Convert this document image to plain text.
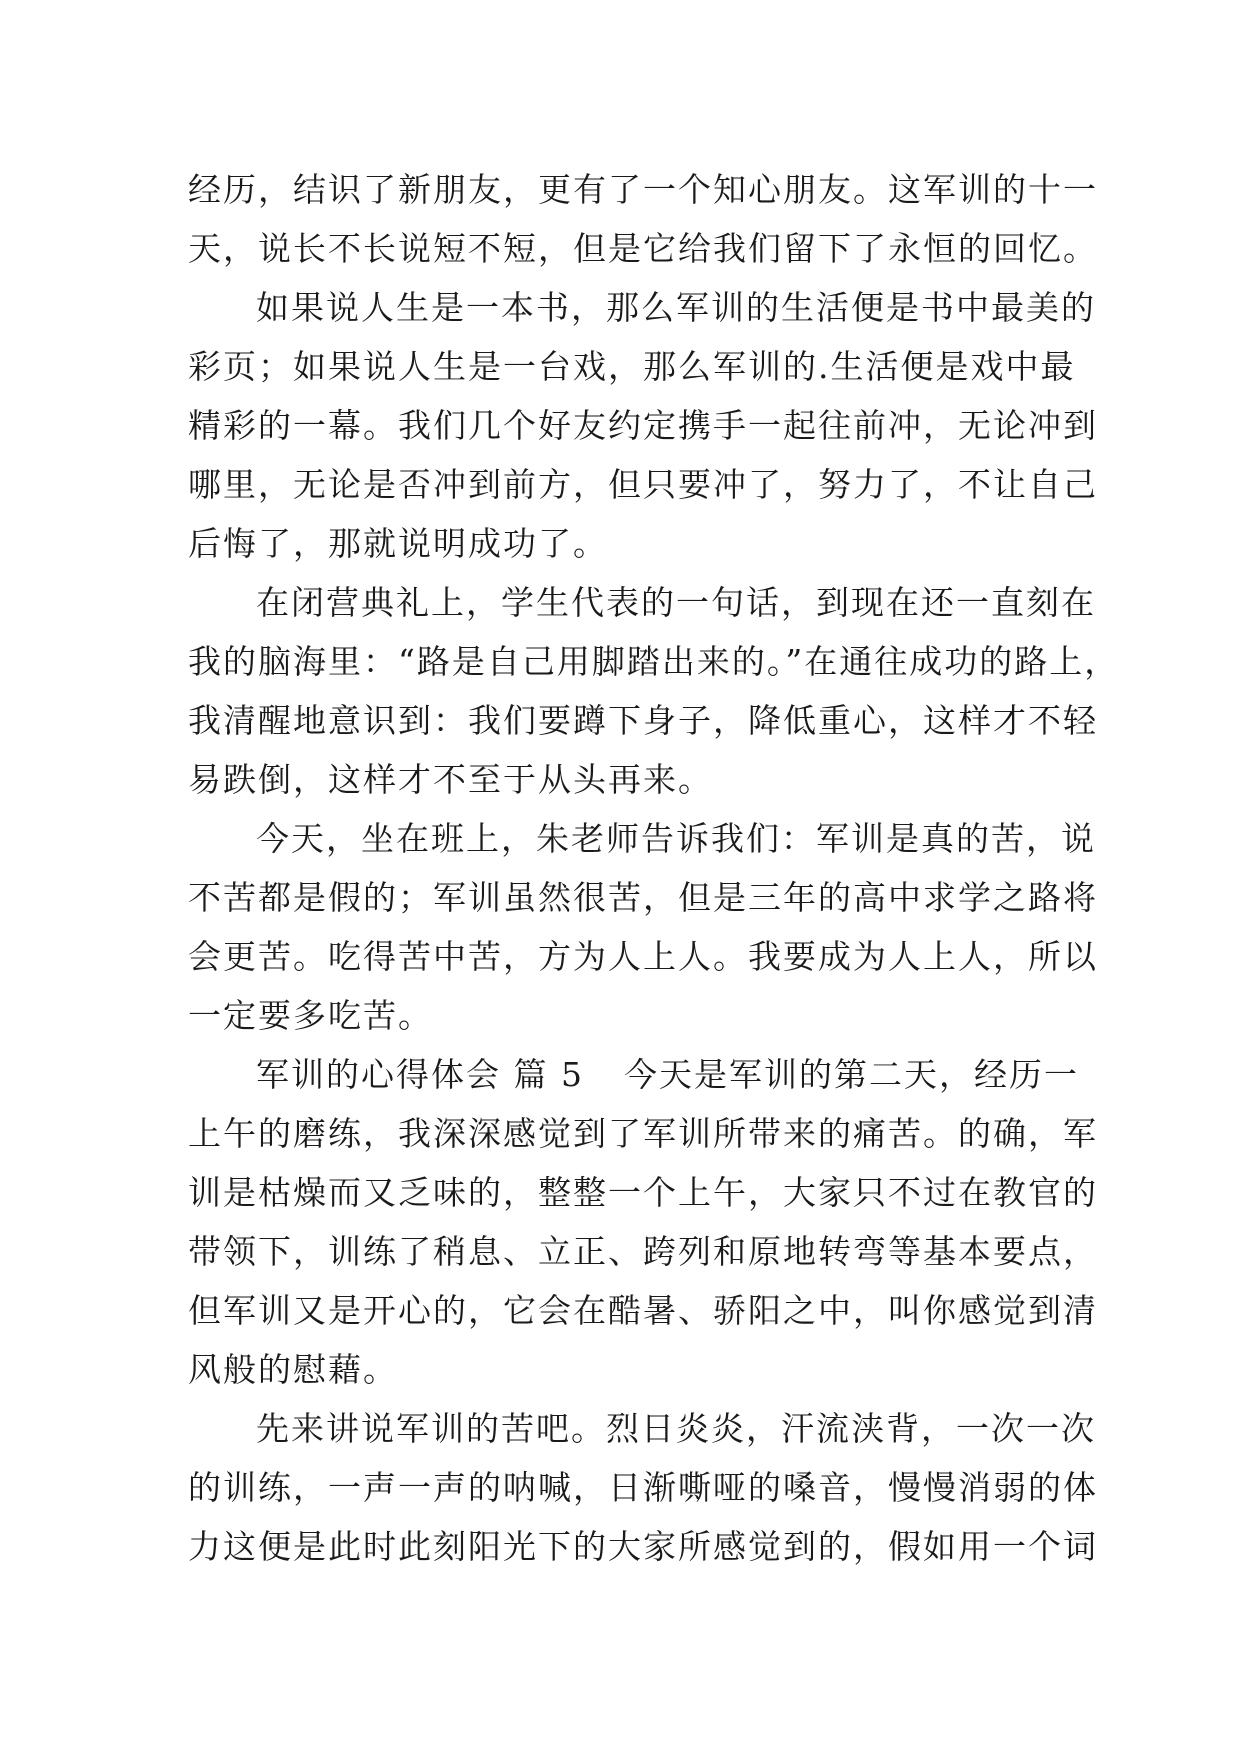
经历，结识了新朋友，更有了一个知心朋友。这军训的十一
天，说长不长说短不短，但是它给我们留下了永恒的回忆。
如果说人生是一本书，那么军训的生活便是书中最美的
彩页；如果说人生是一台戏，那么军训的.生活便是戏中最
精彩的一幕。我们几个好友约定携手一起往前冲，无论冲到
哪里，无论是否冲到前方，但只要冲了，努力了，不让自己
后悔了，那就说明成功了。
在闭营典礼上，学生代表的一句话，到现在还一直刻在
我的脑海里：“路是自己用脚踏出来的。”在通往成功的路上，
我清醒地意识到：我们要蹲下身子，降低重心，这样才不轻
易跌倒，这样才不至于从头再来。
今天，坐在班上，朱老师告诉我们：军训是真的苦，说
不苦都是假的；军训虽然很苦，但是三年的高中求学之路将
会更苦。吃得苦中苦，方为人上人。我要成为人上人，所以
一定要多吃苦。
军训的心得体会 篇 5 今天是军训的第二天，经历一
上午的磨练，我深深感觉到了军训所带来的痛苦。的确，军
训是枯燥而又乏味的，整整一个上午，大家只不过在教官的
带领下，训练了稍息、立正、跨列和原地转弯等基本要点，
但军训又是开心的，它会在酷暑、骄阳之中，叫你感觉到清
风般的慰藉。
先来讲说军训的苦吧。烈日炎炎，汗流浃背，一次一次
的训练，一声一声的呐喊，日渐嘶哑的嗓音，慢慢消弱的体
力这便是此时此刻阳光下的大家所感觉到的，假如用一个词
